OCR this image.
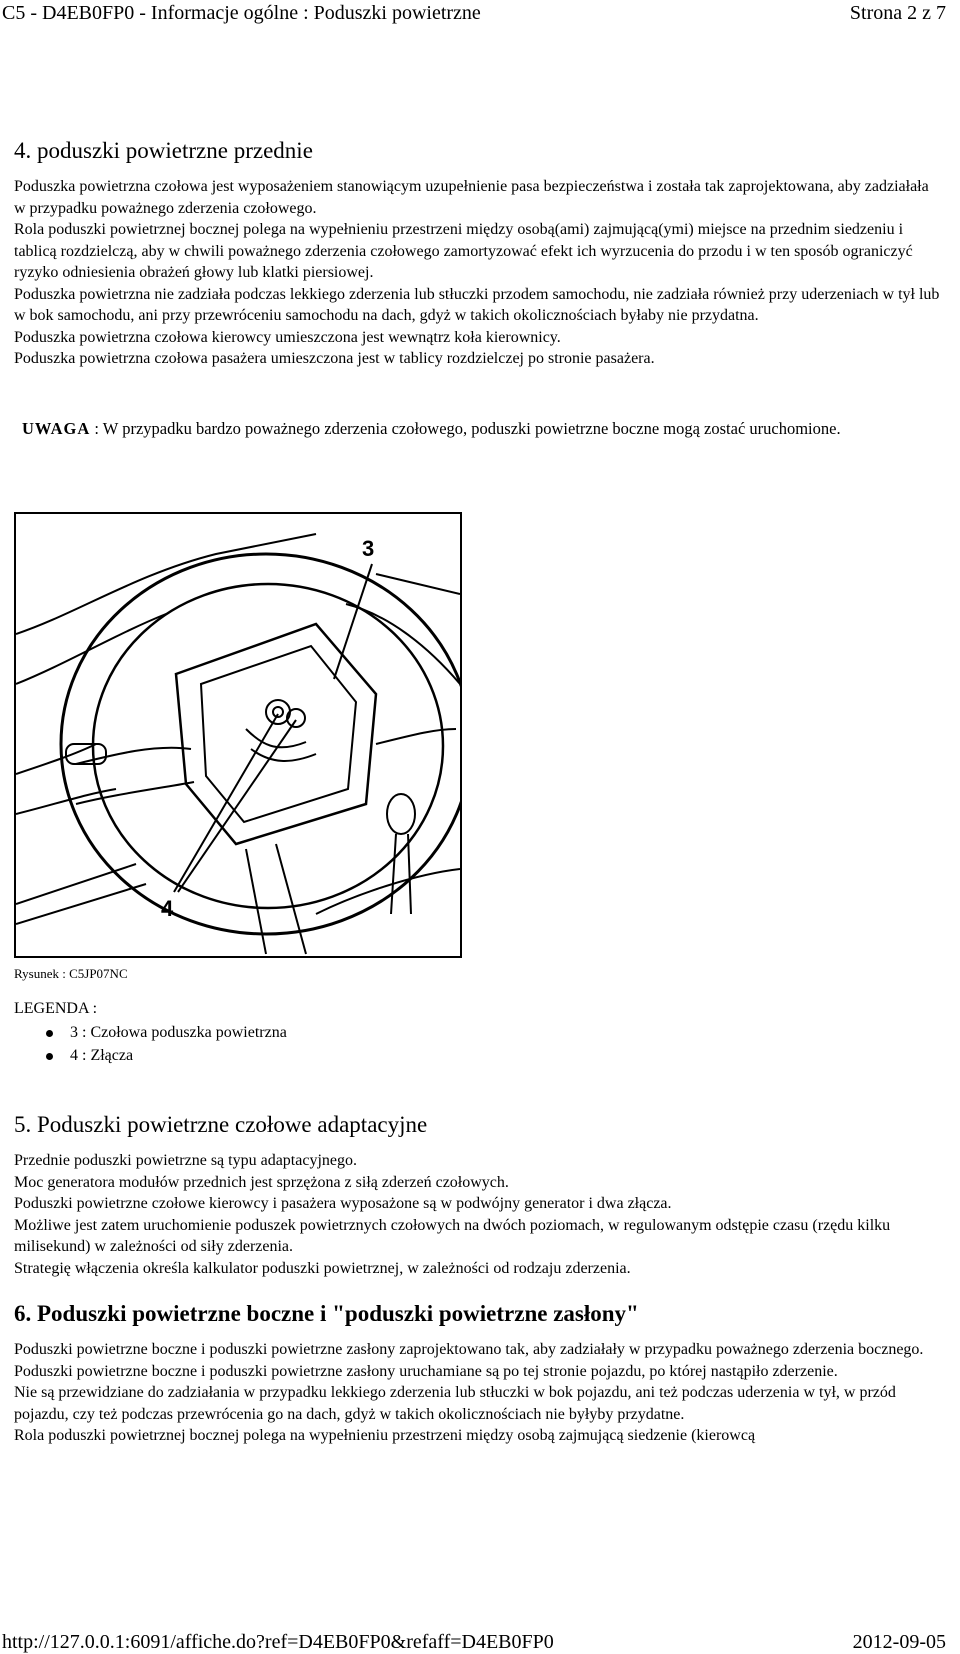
C5 - D4EB0FP0 - Informacje ogólne : Poduszki powietrzne	Strona 2 z 7
4. poduszki powietrzne przednie

Poduszka powietrzna czołowa jest wyposażeniem stanowiącym uzupełnienie pasa bezpieczeństwa i została tak zaprojektowana, aby zadziałała w przypadku poważnego zderzenia czołowego.

Rola poduszki powietrznej bocznej polega na wypełnieniu przestrzeni między osobą(ami) zajmującą(ymi) miejsce na przednim siedzeniu i tablicą rozdzielczą, aby w chwili poważnego zderzenia czołowego zamortyzować efekt ich wyrzucenia do przodu i w ten sposób ograniczyć ryzyko odniesienia obrażeń głowy lub klatki piersiowej.

Poduszka powietrzna nie zadziała podczas lekkiego zderzenia lub stłuczki przodem samochodu, nie zadziała również przy uderzeniach w tył lub w bok samochodu, ani przy przewróceniu samochodu na dach, gdyż w takich okolicznościach byłaby nie przydatna.

Poduszka powietrzna czołowa kierowcy umieszczona jest wewnątrz koła kierownicy.

Poduszka powietrzna czołowa pasażera umieszczona jest w tablicy rozdzielczej po stronie pasażera.

UWAGA : W przypadku bardzo poważnego zderzenia czołowego, poduszki powietrzne boczne mogą zostać uruchomione.
3
4
Rysunek : C5JP07NC
LEGENDA :
3 : Czołowa poduszka powietrzna
4 : Złącza
5. Poduszki powietrzne czołowe adaptacyjne

Przednie poduszki powietrzne są typu adaptacyjnego.

Moc generatora modułów przednich jest sprzężona z siłą zderzeń czołowych.

Poduszki powietrzne czołowe kierowcy i pasażera wyposażone są w podwójny generator i dwa złącza.

Możliwe jest zatem uruchomienie poduszek powietrznych czołowych na dwóch poziomach, w regulowanym odstępie czasu (rzędu kilku milisekund) w zależności od siły zderzenia.

Strategię włączenia określa kalkulator poduszki powietrznej, w zależności od rodzaju zderzenia.

6. Poduszki powietrzne boczne i "poduszki powietrzne zasłony"

Poduszki powietrzne boczne i poduszki powietrzne zasłony zaprojektowano tak, aby zadziałały w przypadku poważnego zderzenia bocznego.

Poduszki powietrzne boczne i poduszki powietrzne zasłony uruchamiane są po tej stronie pojazdu, po której nastąpiło zderzenie.

Nie są przewidziane do zadziałania w przypadku lekkiego zderzenia lub stłuczki w bok pojazdu, ani też podczas uderzenia w tył, w przód pojazdu, czy też podczas przewrócenia go na dach, gdyż w takich okolicznościach nie byłyby przydatne.

Rola poduszki powietrznej bocznej polega na wypełnieniu przestrzeni między osobą zajmującą siedzenie (kierowcą

http://127.0.0.1:6091/affiche.do?ref=D4EB0FP0&refaff=D4EB0FP0	2012-09-05
